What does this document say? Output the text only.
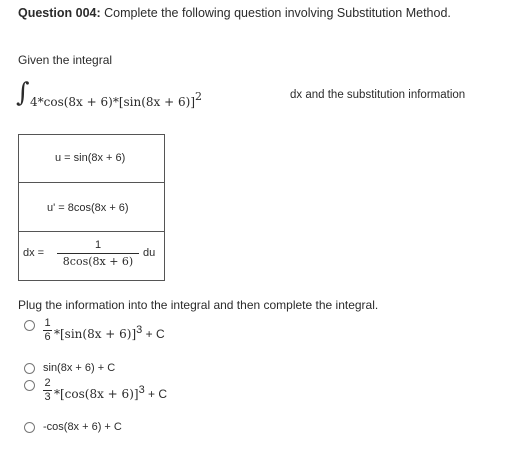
Question 004: Complete the following question involving Substitution Method.
Given the integral
∫ $4*\cos(8x + 6)*[\sin(8x + 6)]^2$	dx and the substitution information
u = sin(8x + 6)
u' = 8cos(8x + 6)
dx =
1
8cos(8x + 6)
du
Plug the information into the integral and then complete the integral.
1
6 $*[\sin(8x + 6)]^3 + C$
sin(8x + 6) + C
2
3 $*[\cos(8x + 6)]^3 + C$
-cos(8x + 6) + C
